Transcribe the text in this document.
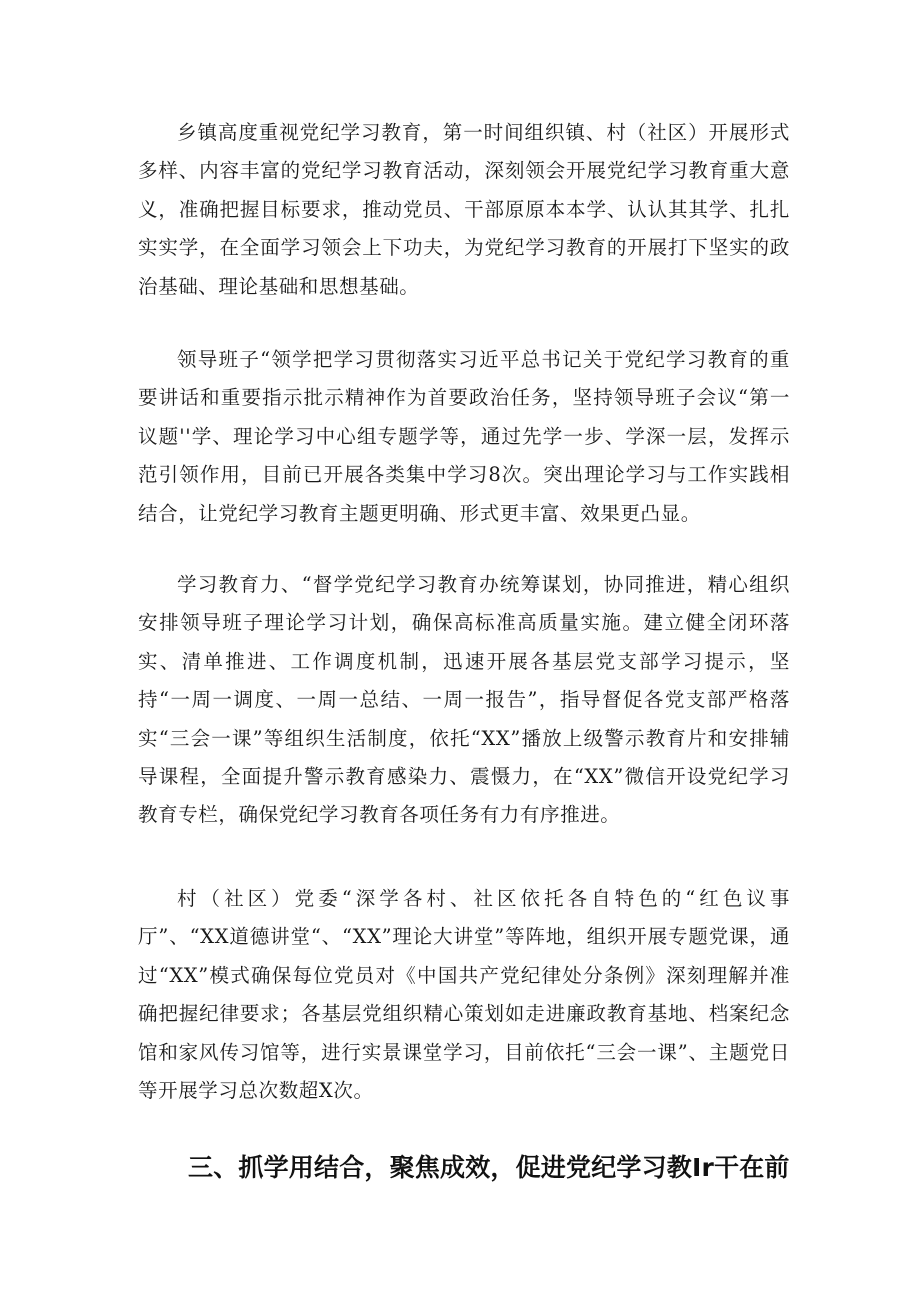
乡镇高度重视党纪学习教育，第一时间组织镇、村（社区）开展形式多样、内容丰富的党纪学习教育活动，深刻领会开展党纪学习教育重大意义，准确把握目标要求，推动党员、干部原原本本学、认认其其学、扎扎实实学，在全面学习领会上下功夫，为党纪学习教育的开展打下坚实的政治基础、理论基础和思想基础。

领导班子“领学把学习贯彻落实习近平总书记关于党纪学习教育的重要讲话和重要指示批示精神作为首要政治任务，坚持领导班子会议“第一议题''学、理论学习中心组专题学等，通过先学一步、学深一层，发挥示范引领作用，目前已开展各类集中学习8次。突出理论学习与工作实践相结合，让党纪学习教育主题更明确、形式更丰富、效果更凸显。

学习教育力、“督学党纪学习教育办统筹谋划，协同推进，精心组织安排领导班子理论学习计划，确保高标准高质量实施。建立健全闭环落实、清单推进、工作调度机制，迅速开展各基层党支部学习提示，坚持“一周一调度、一周一总结、一周一报告”，指导督促各党支部严格落实“三会一课”等组织生活制度，依托“XX”播放上级警示教育片和安排辅导课程，全面提升警示教育感染力、震慑力，在“XX”微信开设党纪学习教育专栏，确保党纪学习教育各项任务有力有序推进。

村（社区）党委“深学各村、社区依托各自特色的“红色议事厅”、“XX道德讲堂“、“XX”理论大讲堂”等阵地，组织开展专题党课，通过“XX”模式确保每位党员对《中国共产党纪律处分条例》深刻理解并准确把握纪律要求；各基层党组织精心策划如走进廉政教育基地、档案纪念馆和家风传习馆等，进行实景课堂学习，目前依托“三会一课”、主题党日等开展学习总次数超X次。

三、抓学用结合，聚焦成效，促进党纪学习教Ir干在前
